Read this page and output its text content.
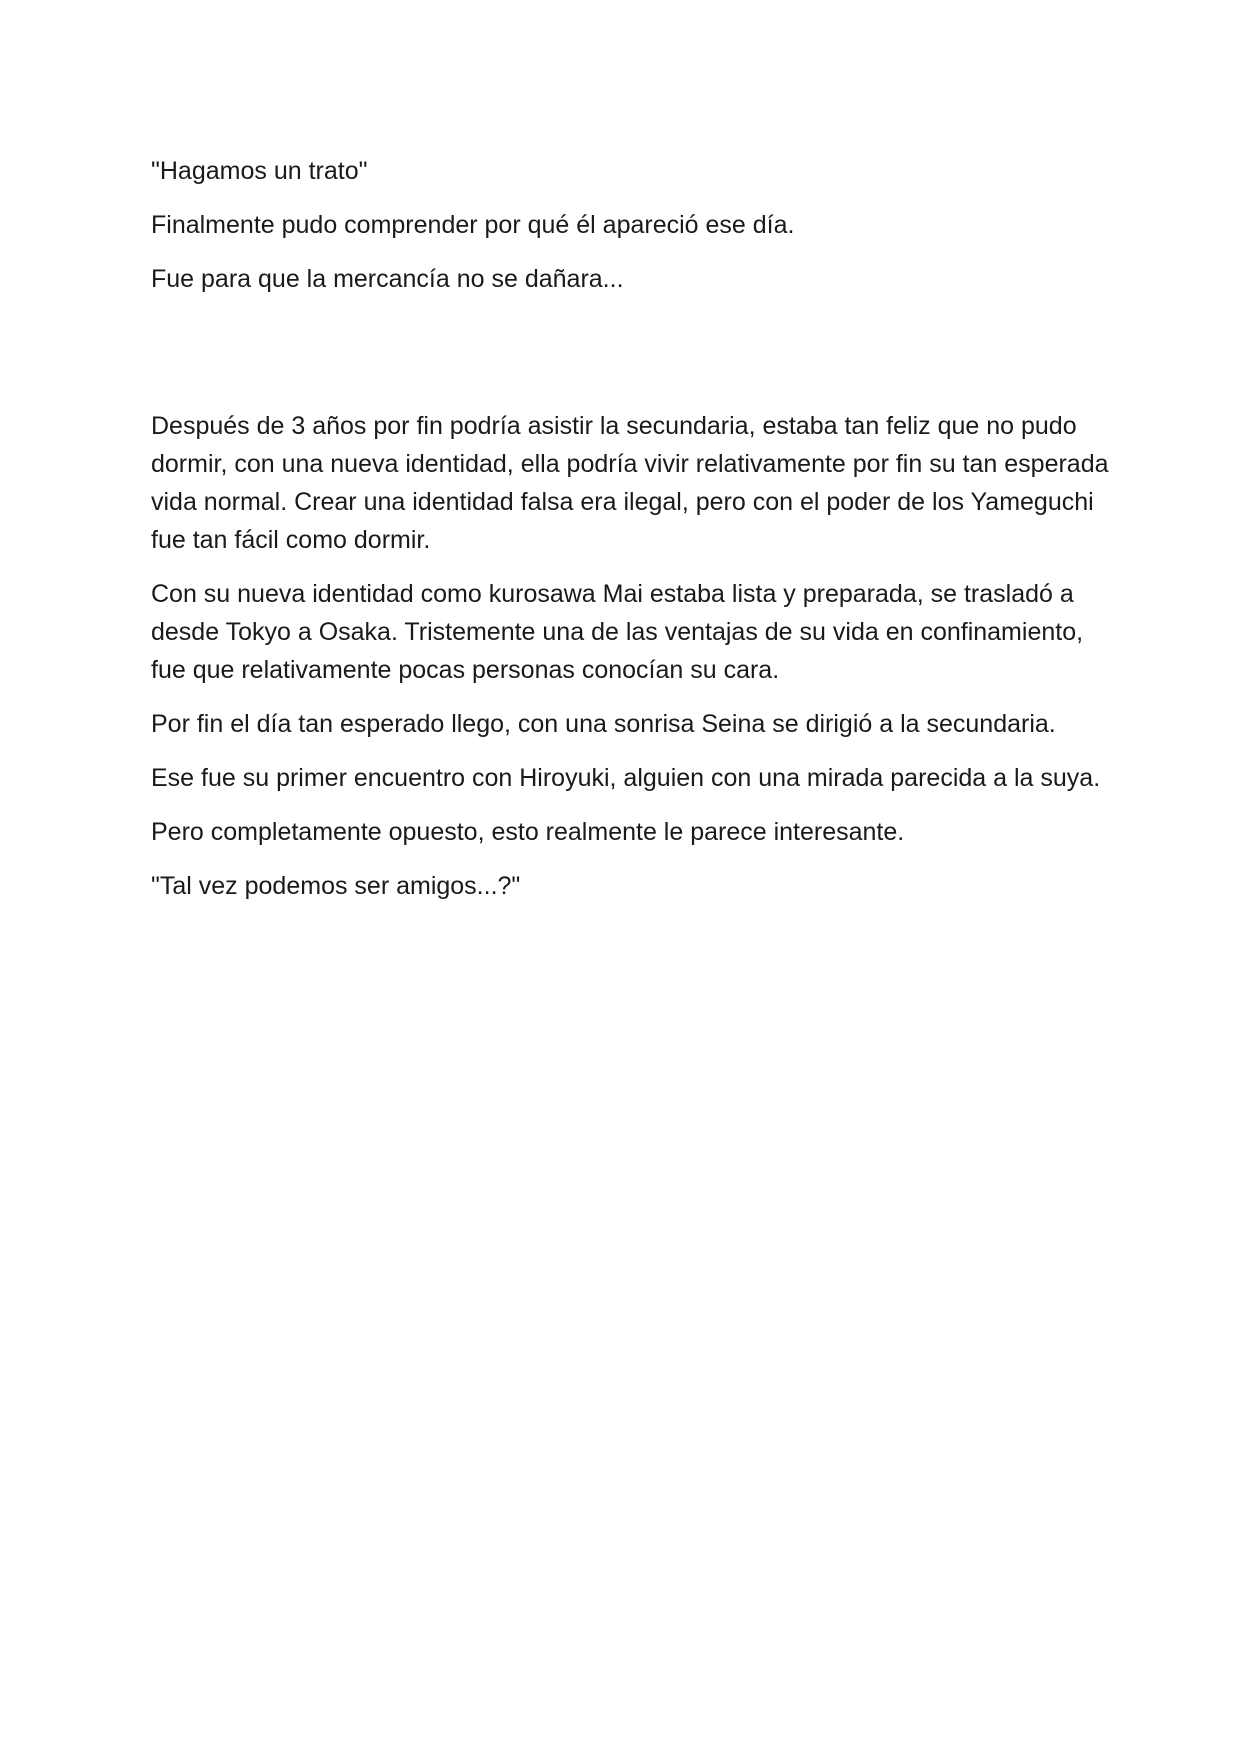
"Hagamos un trato"

Finalmente pudo comprender por qué él apareció ese día.

Fue para que la mercancía no se dañara...

Después de 3 años por fin podría asistir la secundaria, estaba tan feliz que no pudo dormir, con una nueva identidad, ella podría vivir relativamente por fin su tan esperada vida normal. Crear una identidad falsa era ilegal, pero con el poder de los Yameguchi fue tan fácil como dormir.

Con su nueva identidad como kurosawa Mai estaba lista y preparada, se trasladó a desde Tokyo a Osaka. Tristemente una de las ventajas de su vida en confinamiento, fue que relativamente pocas personas conocían su cara.

Por fin el día tan esperado llego, con una sonrisa Seina se dirigió a la secundaria.

Ese fue su primer encuentro con Hiroyuki, alguien con una mirada parecida a la suya.

Pero completamente opuesto, esto realmente le parece interesante.

"Tal vez podemos ser amigos...?"
